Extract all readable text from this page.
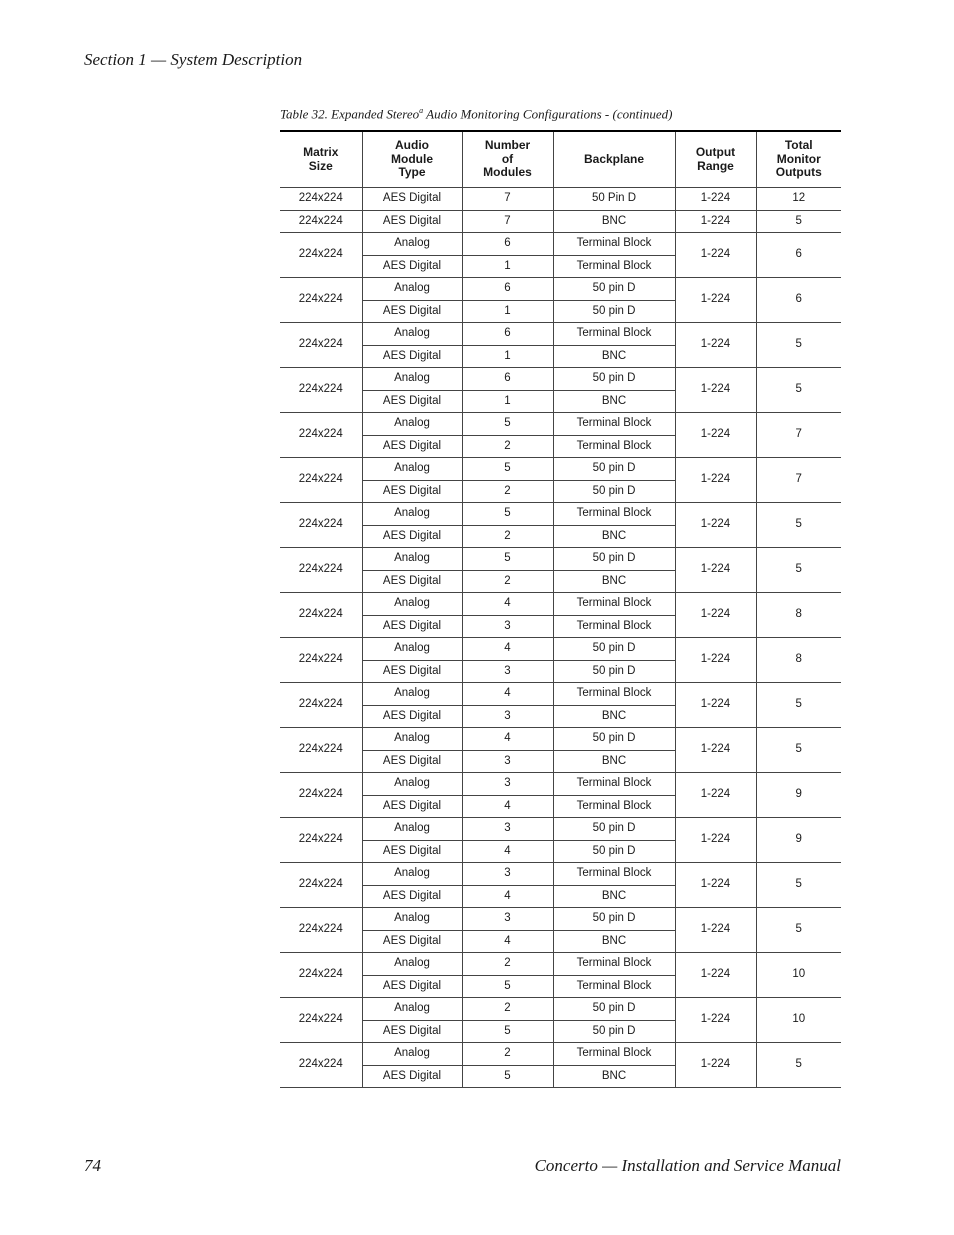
Section 1 — System Description
Table 32. Expanded Stereo$^a$ Audio Monitoring Configurations - (continued)
Matrix
Size	Audio
Module
Type	Number
of
Modules	Backplane	Output
Range	Total
Monitor
Outputs

224x224	AES Digital	7	50 Pin D	1-224	12
224x224	AES Digital	7	BNC	1-224	5
224x224	Analog	6	Terminal Block	1-224	6
	AES Digital	1	Terminal Block		
224x224	Analog	6	50 pin D	1-224	6
	AES Digital	1	50 pin D		
224x224	Analog	6	Terminal Block	1-224	5
	AES Digital	1	BNC		
224x224	Analog	6	50 pin D	1-224	5
	AES Digital	1	BNC		
224x224	Analog	5	Terminal Block	1-224	7
	AES Digital	2	Terminal Block		
224x224	Analog	5	50 pin D	1-224	7
	AES Digital	2	50 pin D		
224x224	Analog	5	Terminal Block	1-224	5
	AES Digital	2	BNC		
224x224	Analog	5	50 pin D	1-224	5
	AES Digital	2	BNC		
224x224	Analog	4	Terminal Block	1-224	8
	AES Digital	3	Terminal Block		
224x224	Analog	4	50 pin D	1-224	8
	AES Digital	3	50 pin D		
224x224	Analog	4	Terminal Block	1-224	5
	AES Digital	3	BNC		
224x224	Analog	4	50 pin D	1-224	5
	AES Digital	3	BNC		
224x224	Analog	3	Terminal Block	1-224	9
	AES Digital	4	Terminal Block		
224x224	Analog	3	50 pin D	1-224	9
	AES Digital	4	50 pin D		
224x224	Analog	3	Terminal Block	1-224	5
	AES Digital	4	BNC		
224x224	Analog	3	50 pin D	1-224	5
	AES Digital	4	BNC		
224x224	Analog	2	Terminal Block	1-224	10
	AES Digital	5	Terminal Block		
224x224	Analog	2	50 pin D	1-224	10
	AES Digital	5	50 pin D		
224x224	Analog	2	Terminal Block	1-224	5
	AES Digital	5	BNC		
74	Concerto — Installation and Service Manual
